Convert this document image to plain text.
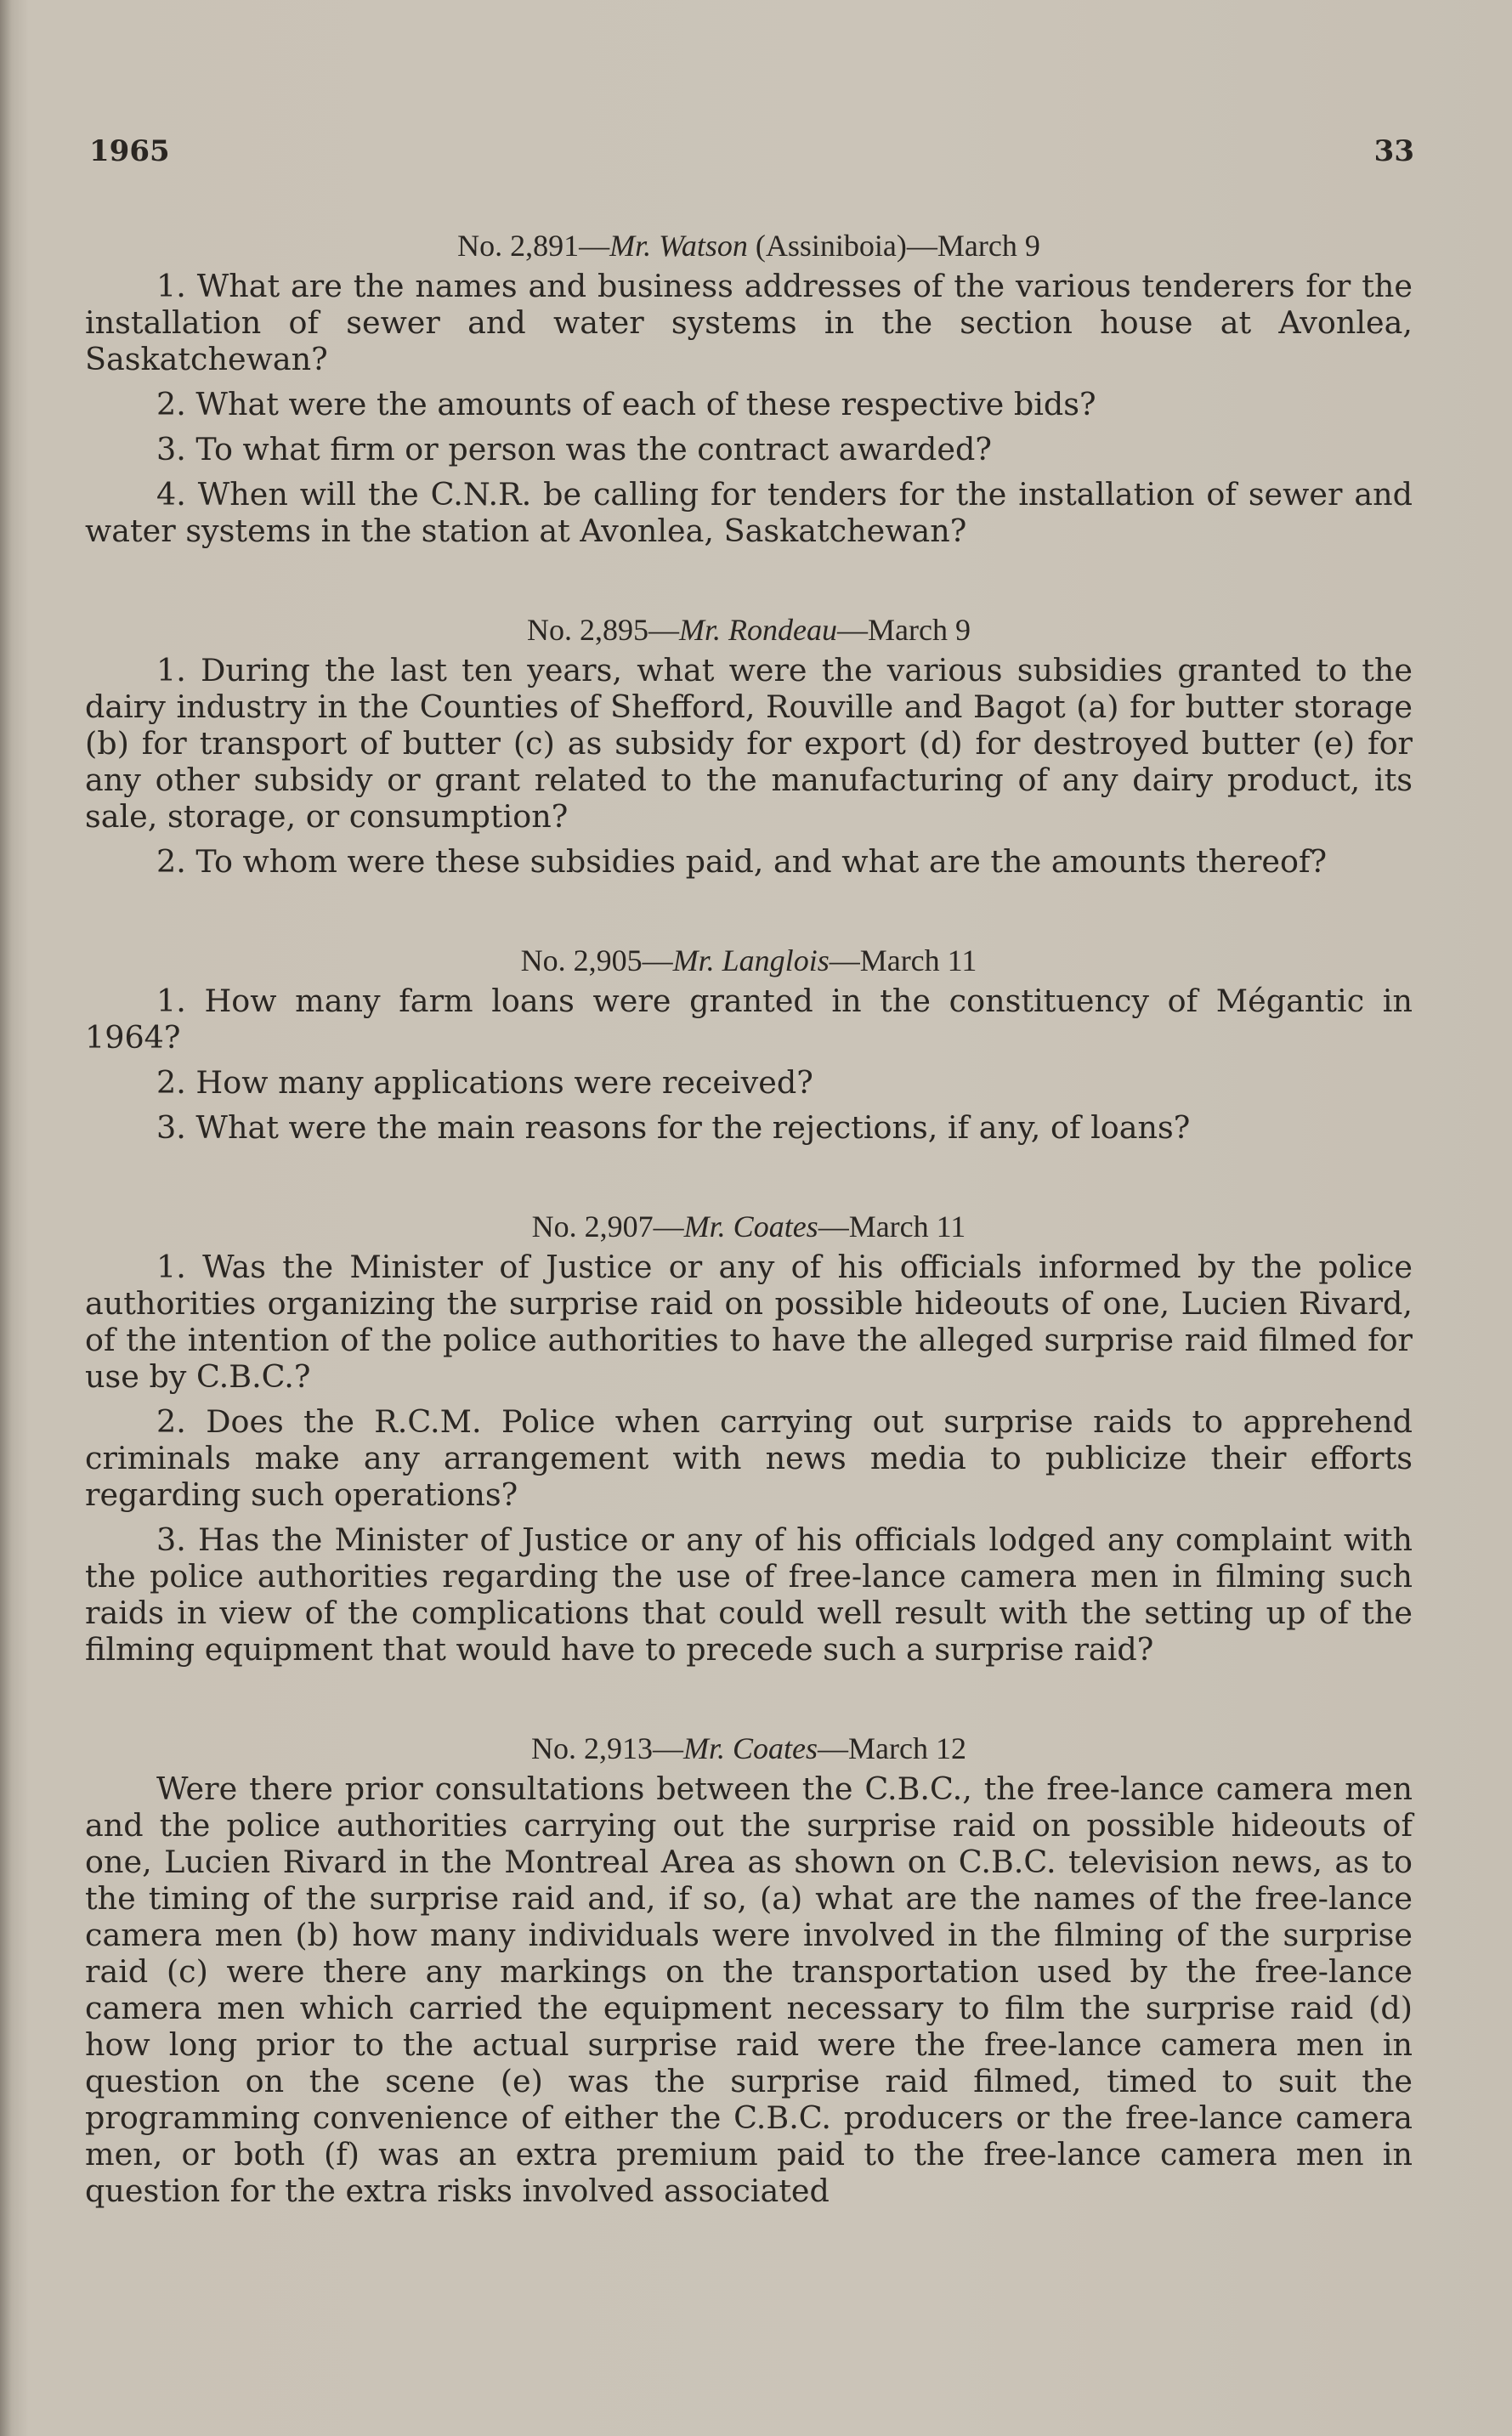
1965	33
No. 2,891—Mr. Watson (Assiniboia)—March 9

1. What are the names and business addresses of the various tenderers for the installation of sewer and water systems in the section house at Avonlea, Saskatchewan?

2. What were the amounts of each of these respective bids?

3. To what firm or person was the contract awarded?

4. When will the C.N.R. be calling for tenders for the installation of sewer and water systems in the station at Avonlea, Saskatchewan?

No. 2,895—Mr. Rondeau—March 9

1. During the last ten years, what were the various subsidies granted to the dairy industry in the Counties of Shefford, Rouville and Bagot (a) for butter storage (b) for transport of butter (c) as subsidy for export (d) for destroyed butter (e) for any other subsidy or grant related to the manufacturing of any dairy product, its sale, storage, or consumption?

2. To whom were these subsidies paid, and what are the amounts thereof?

No. 2,905—Mr. Langlois—March 11

1. How many farm loans were granted in the constituency of Mégantic in 1964?

2. How many applications were received?

3. What were the main reasons for the rejections, if any, of loans?

No. 2,907—Mr. Coates—March 11

1. Was the Minister of Justice or any of his officials informed by the police authorities organizing the surprise raid on possible hideouts of one, Lucien Rivard, of the intention of the police authorities to have the alleged surprise raid filmed for use by C.B.C.?

2. Does the R.C.M. Police when carrying out surprise raids to apprehend criminals make any arrangement with news media to publicize their efforts regarding such operations?

3. Has the Minister of Justice or any of his officials lodged any complaint with the police authorities regarding the use of free-lance camera men in filming such raids in view of the complications that could well result with the setting up of the filming equipment that would have to precede such a surprise raid?

No. 2,913—Mr. Coates—March 12

Were there prior consultations between the C.B.C., the free-lance camera men and the police authorities carrying out the surprise raid on possible hideouts of one, Lucien Rivard in the Montreal Area as shown on C.B.C. television news, as to the timing of the surprise raid and, if so, (a) what are the names of the free-lance camera men (b) how many individuals were involved in the filming of the surprise raid (c) were there any markings on the transportation used by the free-lance camera men which carried the equipment necessary to film the surprise raid (d) how long prior to the actual surprise raid were the free-lance camera men in question on the scene (e) was the surprise raid filmed, timed to suit the programming convenience of either the C.B.C. producers or the free-lance camera men, or both (f) was an extra premium paid to the free-lance camera men in question for the extra risks involved associated
